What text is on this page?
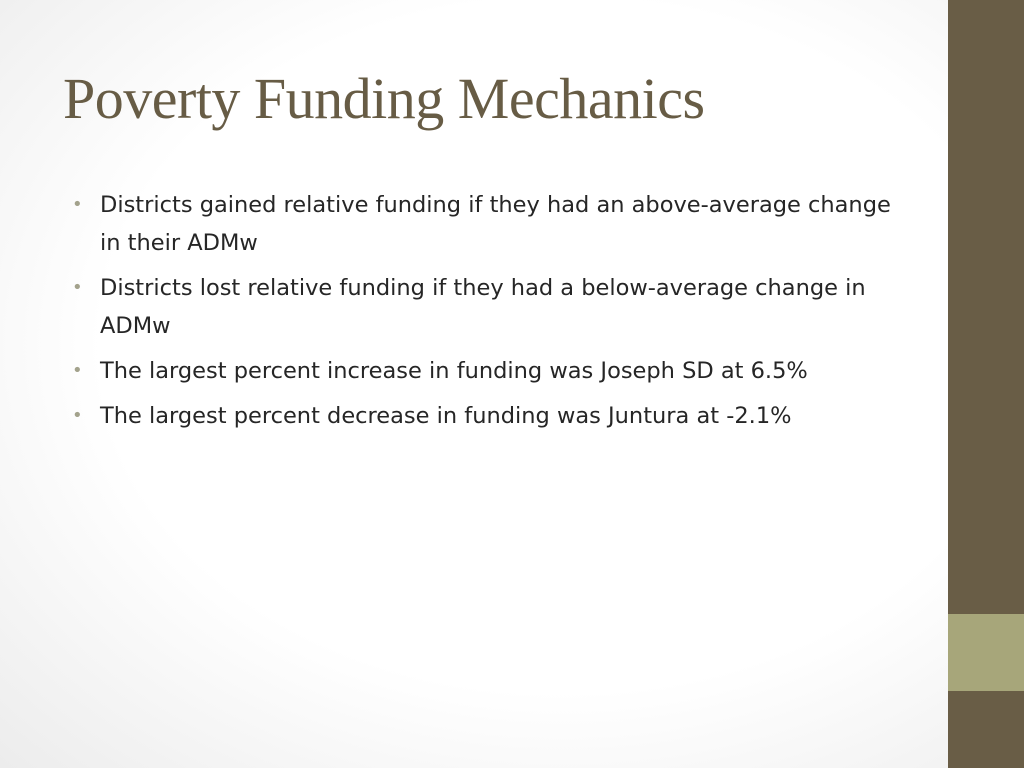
Poverty Funding Mechanics
• Districts gained relative funding if they had an above-average change in their ADMw
• Districts lost relative funding if they had a below-average change in ADMw
• The largest percent increase in funding was Joseph SD at 6.5%
• The largest percent decrease in funding was Juntura at -2.1%
